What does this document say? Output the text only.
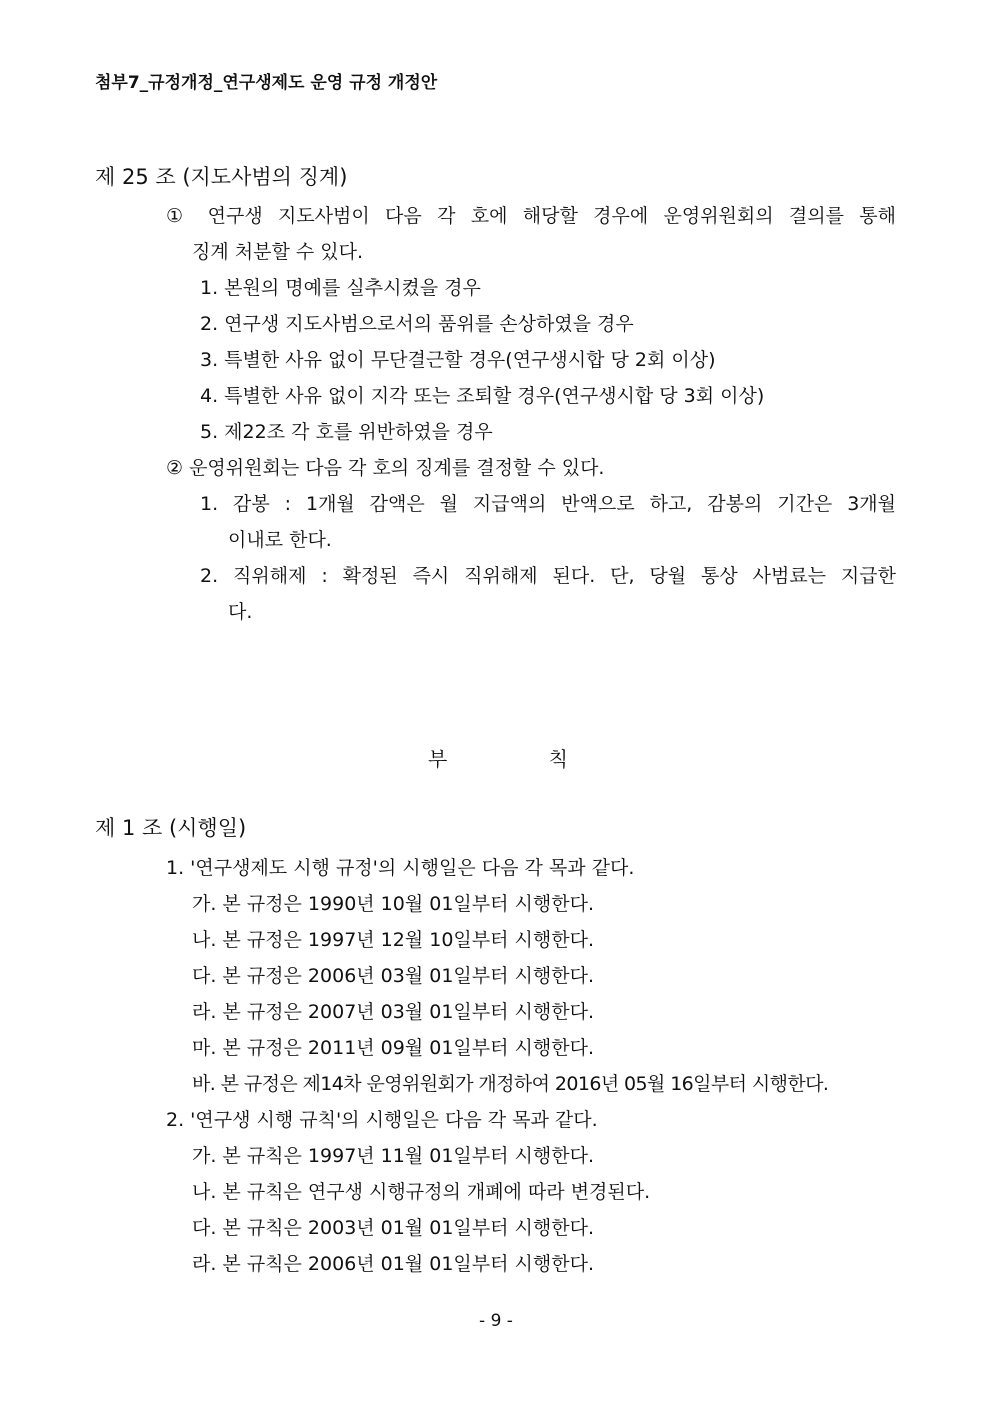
첨부7_규정개정_연구생제도 운영 규정 개정안
제 25 조 (지도사범의 징계)
① 연구생 지도사범이 다음 각 호에 해당할 경우에 운영위원회의 결의를 통해
징계 처분할 수 있다.
1. 본원의 명예를 실추시켰을 경우
2. 연구생 지도사범으로서의 품위를 손상하였을 경우
3. 특별한 사유 없이 무단결근할 경우(연구생시합 당 2회 이상)
4. 특별한 사유 없이 지각 또는 조퇴할 경우(연구생시합 당 3회 이상)
5. 제22조 각 호를 위반하였을 경우
② 운영위원회는 다음 각 호의 징계를 결정할 수 있다.
1. 감봉 : 1개월 감액은 월 지급액의 반액으로 하고, 감봉의 기간은 3개월
이내로 한다.
2. 직위해제 : 확정된 즉시 직위해제 된다. 단, 당월 통상 사범료는 지급한
다.
부	칙
제 1 조 (시행일)
1. '연구생제도 시행 규정'의 시행일은 다음 각 목과 같다.
가. 본 규정은 1990년 10월 01일부터 시행한다.
나. 본 규정은 1997년 12월 10일부터 시행한다.
다. 본 규정은 2006년 03월 01일부터 시행한다.
라. 본 규정은 2007년 03월 01일부터 시행한다.
마. 본 규정은 2011년 09월 01일부터 시행한다.
바. 본 규정은 제14차 운영위원회가 개정하여 2016년 05월 16일부터 시행한다.
2. '연구생 시행 규칙'의 시행일은 다음 각 목과 같다.
가. 본 규칙은 1997년 11월 01일부터 시행한다.
나. 본 규칙은 연구생 시행규정의 개폐에 따라 변경된다.
다. 본 규칙은 2003년 01월 01일부터 시행한다.
라. 본 규칙은 2006년 01월 01일부터 시행한다.
- 9 -
